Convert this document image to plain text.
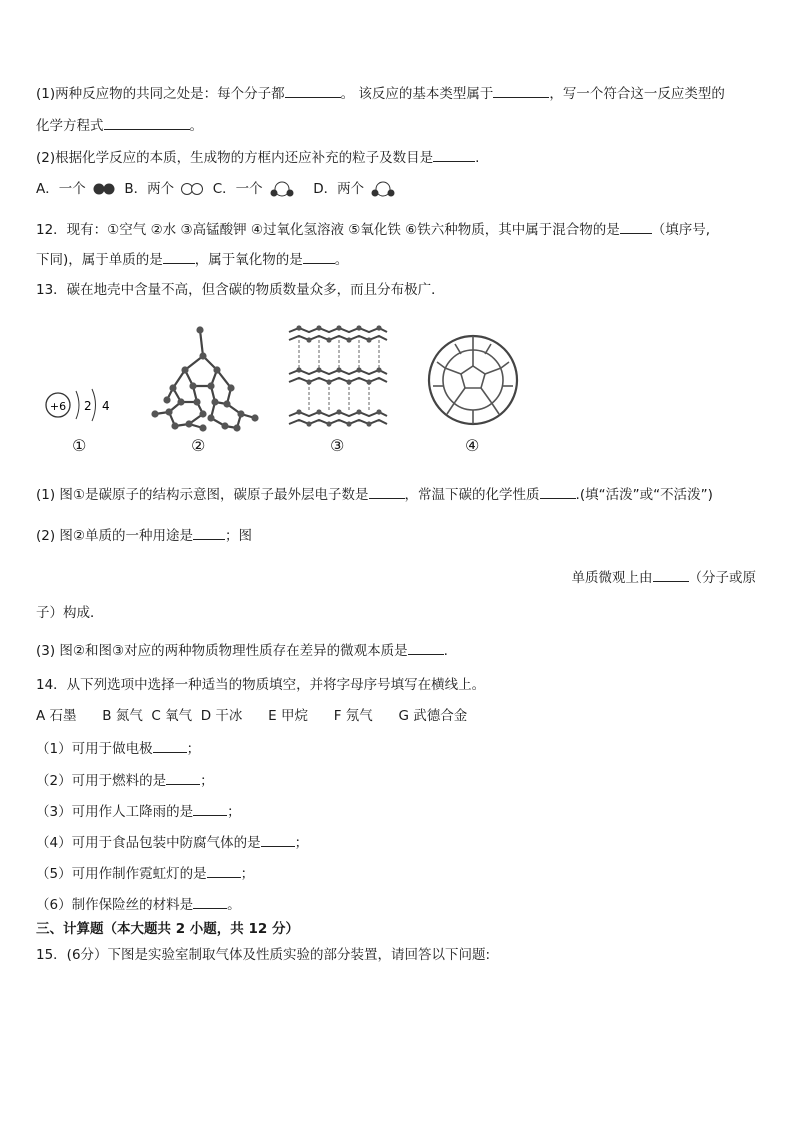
(1)两种反应物的共同之处是：每个分子都	。 该反应的基本类型属于	，写一个符合这一反应类型的
化学方程式	。
(2)根据化学反应的本质，生成物的方框内还应补充的粒子及数目是	.
A．一个	B．两个	C．一个	D．两个
12．现有：①空气 ②水 ③高锰酸钾 ④过氧化氢溶液 ⑤氧化铁 ⑥铁六种物质，其中属于混合物的是 （填序号,
下同)，属于单质的是 ，属于氧化物的是 。
13．碳在地壳中含量不高，但含碳的物质数量众多，而且分布极广．
+6 2 4
①	②	③	④
(1) 图①是碳原子的结构示意图，碳原子最外层电子数是	，常温下碳的化学性质	.(填“活泼”或“不活泼”)
(2) 图②单质的一种用途是 ；图
单质微观上由	（分子或原
子）构成．
(3) 图②和图③对应的两种物质物理性质存在差异的微观本质是	.
14．从下列选项中选择一种适当的物质填空，并将字母序号填写在横线上。
A 石墨      B 氮气  C 氧气  D 干冰      E 甲烷      F 氖气      G 武德合金
（1）可用于做电极	；
（2）可用于燃料的是	；
（3）可用作人工降雨的是	；
（4）可用于食品包装中防腐气体的是	；
（5）可用作制作霓虹灯的是	；
（6）制作保险丝的材料是	。
三、计算题（本大题共 2 小题，共 12 分）
15．(6分）下图是实验室制取气体及性质实验的部分装置，请回答以下问题:
